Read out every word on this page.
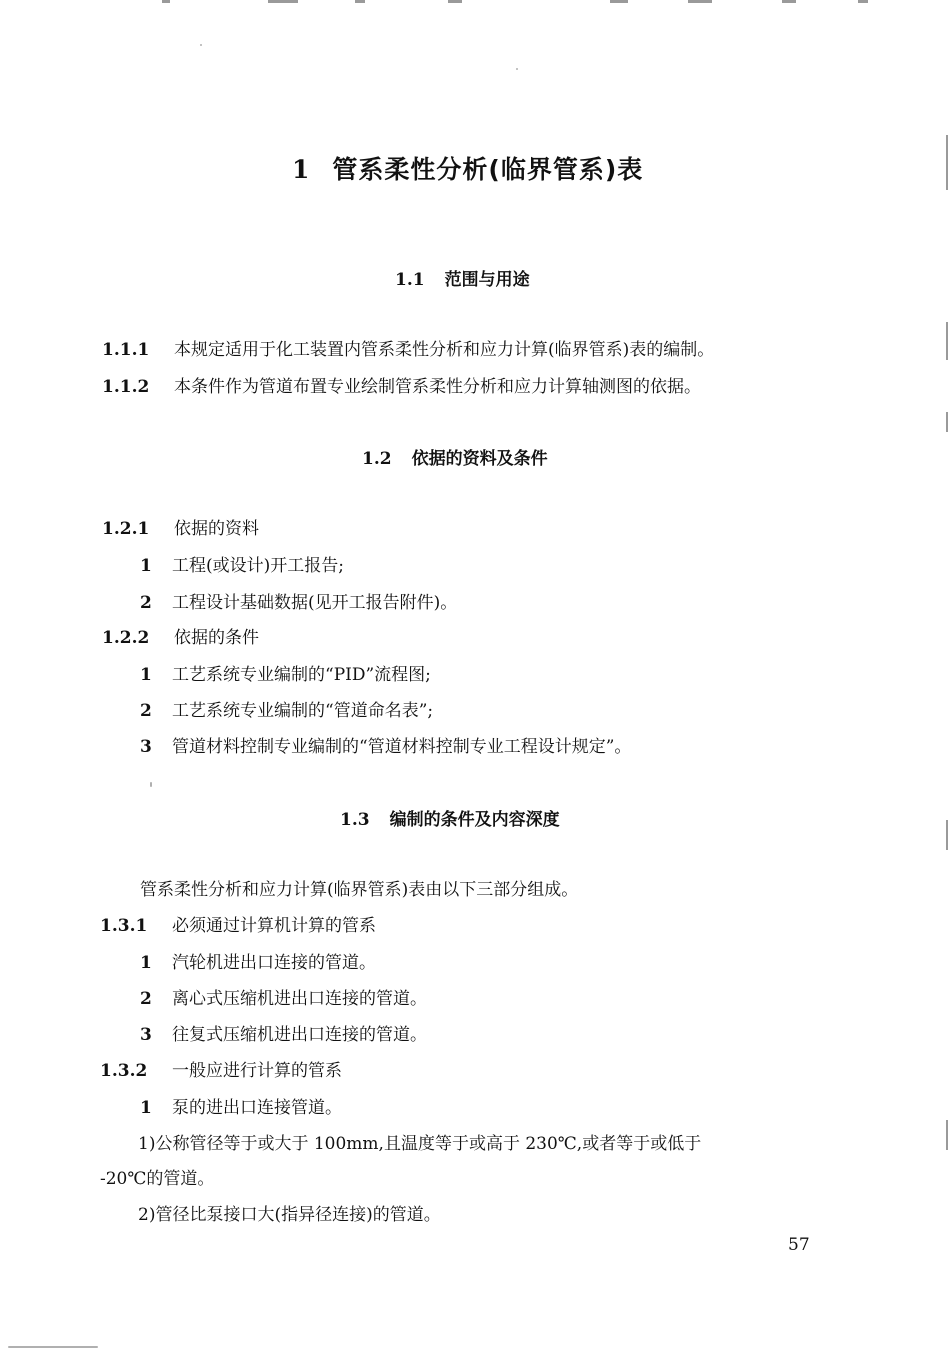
1 管系柔性分析(临界管系)表
1.1 范围与用途
1.1.1 本规定适用于化工装置内管系柔性分析和应力计算(临界管系)表的编制。
1.1.2 本条件作为管道布置专业绘制管系柔性分析和应力计算轴测图的依据。
1.2 依据的资料及条件
1.2.1 依据的资料
1 工程(或设计)开工报告;
2 工程设计基础数据(见开工报告附件)。
1.2.2 依据的条件
1 工艺系统专业编制的“PID”流程图;
2 工艺系统专业编制的“管道命名表”;
3 管道材料控制专业编制的“管道材料控制专业工程设计规定”。
1.3 编制的条件及内容深度
管系柔性分析和应力计算(临界管系)表由以下三部分组成。
1.3.1 必须通过计算机计算的管系
1 汽轮机进出口连接的管道。
2 离心式压缩机进出口连接的管道。
3 往复式压缩机进出口连接的管道。
1.3.2 一般应进行计算的管系
1 泵的进出口连接管道。
1)公称管径等于或大于 100mm,且温度等于或高于 230℃,或者等于或低于
-20℃的管道。
2)管径比泵接口大(指异径连接)的管道。
57
